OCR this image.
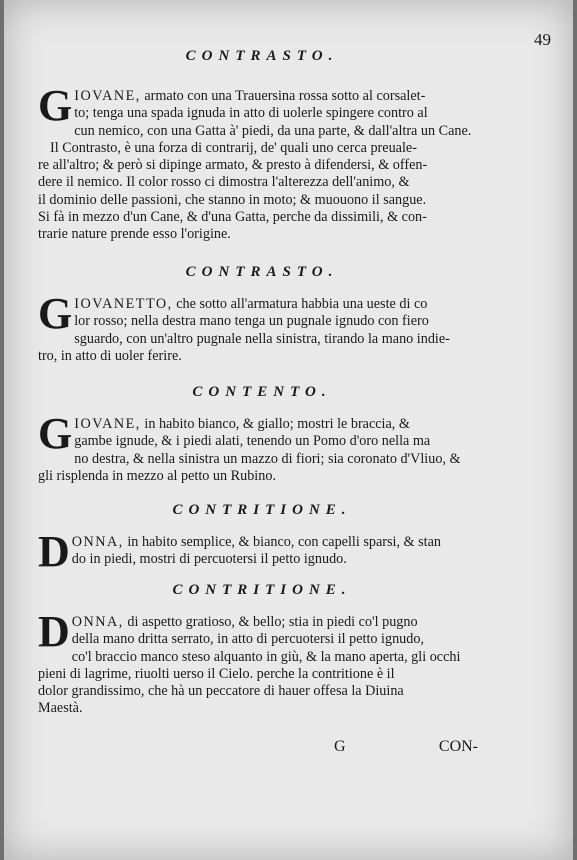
49
CONTRASTO.
G IOVANE, armato con una Trauersina rossa sotto al corsalet-
to; tenga una spada ignuda in atto di uolerle spingere contro al
cun nemico, con una Gatta à' piedi, da una parte, & dall'altra un Cane.
Il Contrasto, è una forza di contrarij, de' quali uno cerca preuale-
re all'altro; & però si dipinge armato, & presto à difendersi, & offen-
dere il nemico. Il color rosso ci dimostra l'alterezza dell'animo, &
il dominio delle passioni, che stanno in moto; & muouono il sangue.
Si fà in mezzo d'un Cane, & d'una Gatta, perche da dissimili, & con-
trarie nature prende esso l'origine.
CONTRASTO.
G IOVANETTO, che sotto all'armatura habbia una ueste di co
lor rosso; nella destra mano tenga un pugnale ignudo con fiero
sguardo, con un'altro pugnale nella sinistra, tirando la mano indie-
tro, in atto di uoler ferire.
CONTENTO.
G IOVANE, in habito bianco, & giallo; mostri le braccia, &
gambe ignude, & i piedi alati, tenendo un Pomo d'oro nella ma
no destra, & nella sinistra un mazzo di fiori; sia coronato d'Vliuo, &
gli risplenda in mezzo al petto un Rubino.
CONTRITIONE.
D ONNA, in habito semplice, & bianco, con capelli sparsi, & stan
do in piedi, mostri di percuotersi il petto ignudo.
CONTRITIONE.
D ONNA, di aspetto gratioso, & bello; stia in piedi co'l pugno
della mano dritta serrato, in atto di percuotersi il petto ignudo,
co'l braccio manco steso alquanto in giù, & la mano aperta, gli occhi
pieni di lagrime, riuolti uerso il Cielo. perche la contritione è il
dolor grandissimo, che hà un peccatore di hauer offesa la Diuina
Maestà.
G	CON-
